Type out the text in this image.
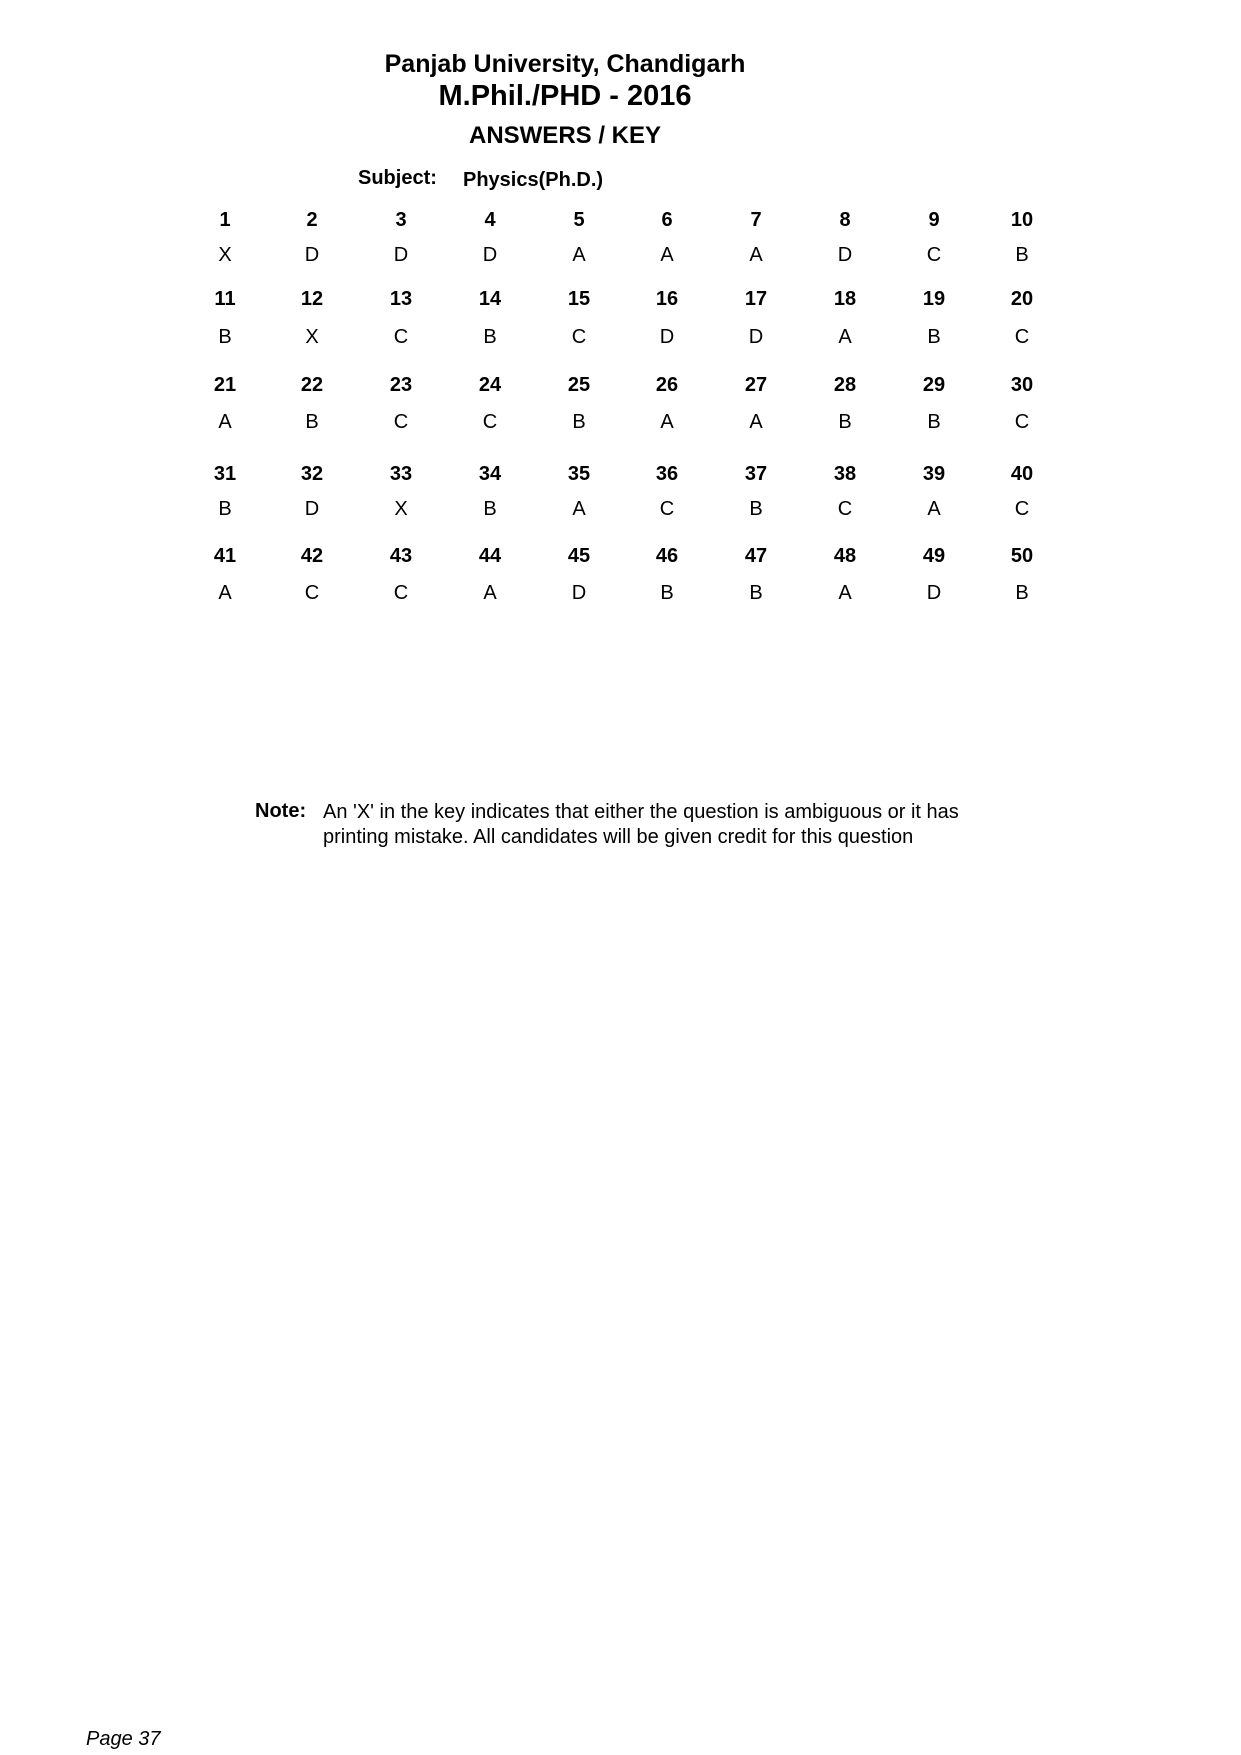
Panjab University, Chandigarh
M.Phil./PHD - 2016
ANSWERS / KEY
Subject: Physics(Ph.D.)
1
X
2
D
3
D
4
D
5
A
6
A
7
A
8
D
9
C
10
B
11
B
12
X
13
C
14
B
15
C
16
D
17
D
18
A
19
B
20
C
21
A
22
B
23
C
24
C
25
B
26
A
27
A
28
B
29
B
30
C
31
B
32
D
33
X
34
B
35
A
36
C
37
B
38
C
39
A
40
C
41
A
42
C
43
C
44
A
45
D
46
B
47
B
48
A
49
D
50
B
Note: An 'X' in the key indicates that either the question is ambiguous or it has printing mistake. All candidates will be given credit for this question
Page 37
